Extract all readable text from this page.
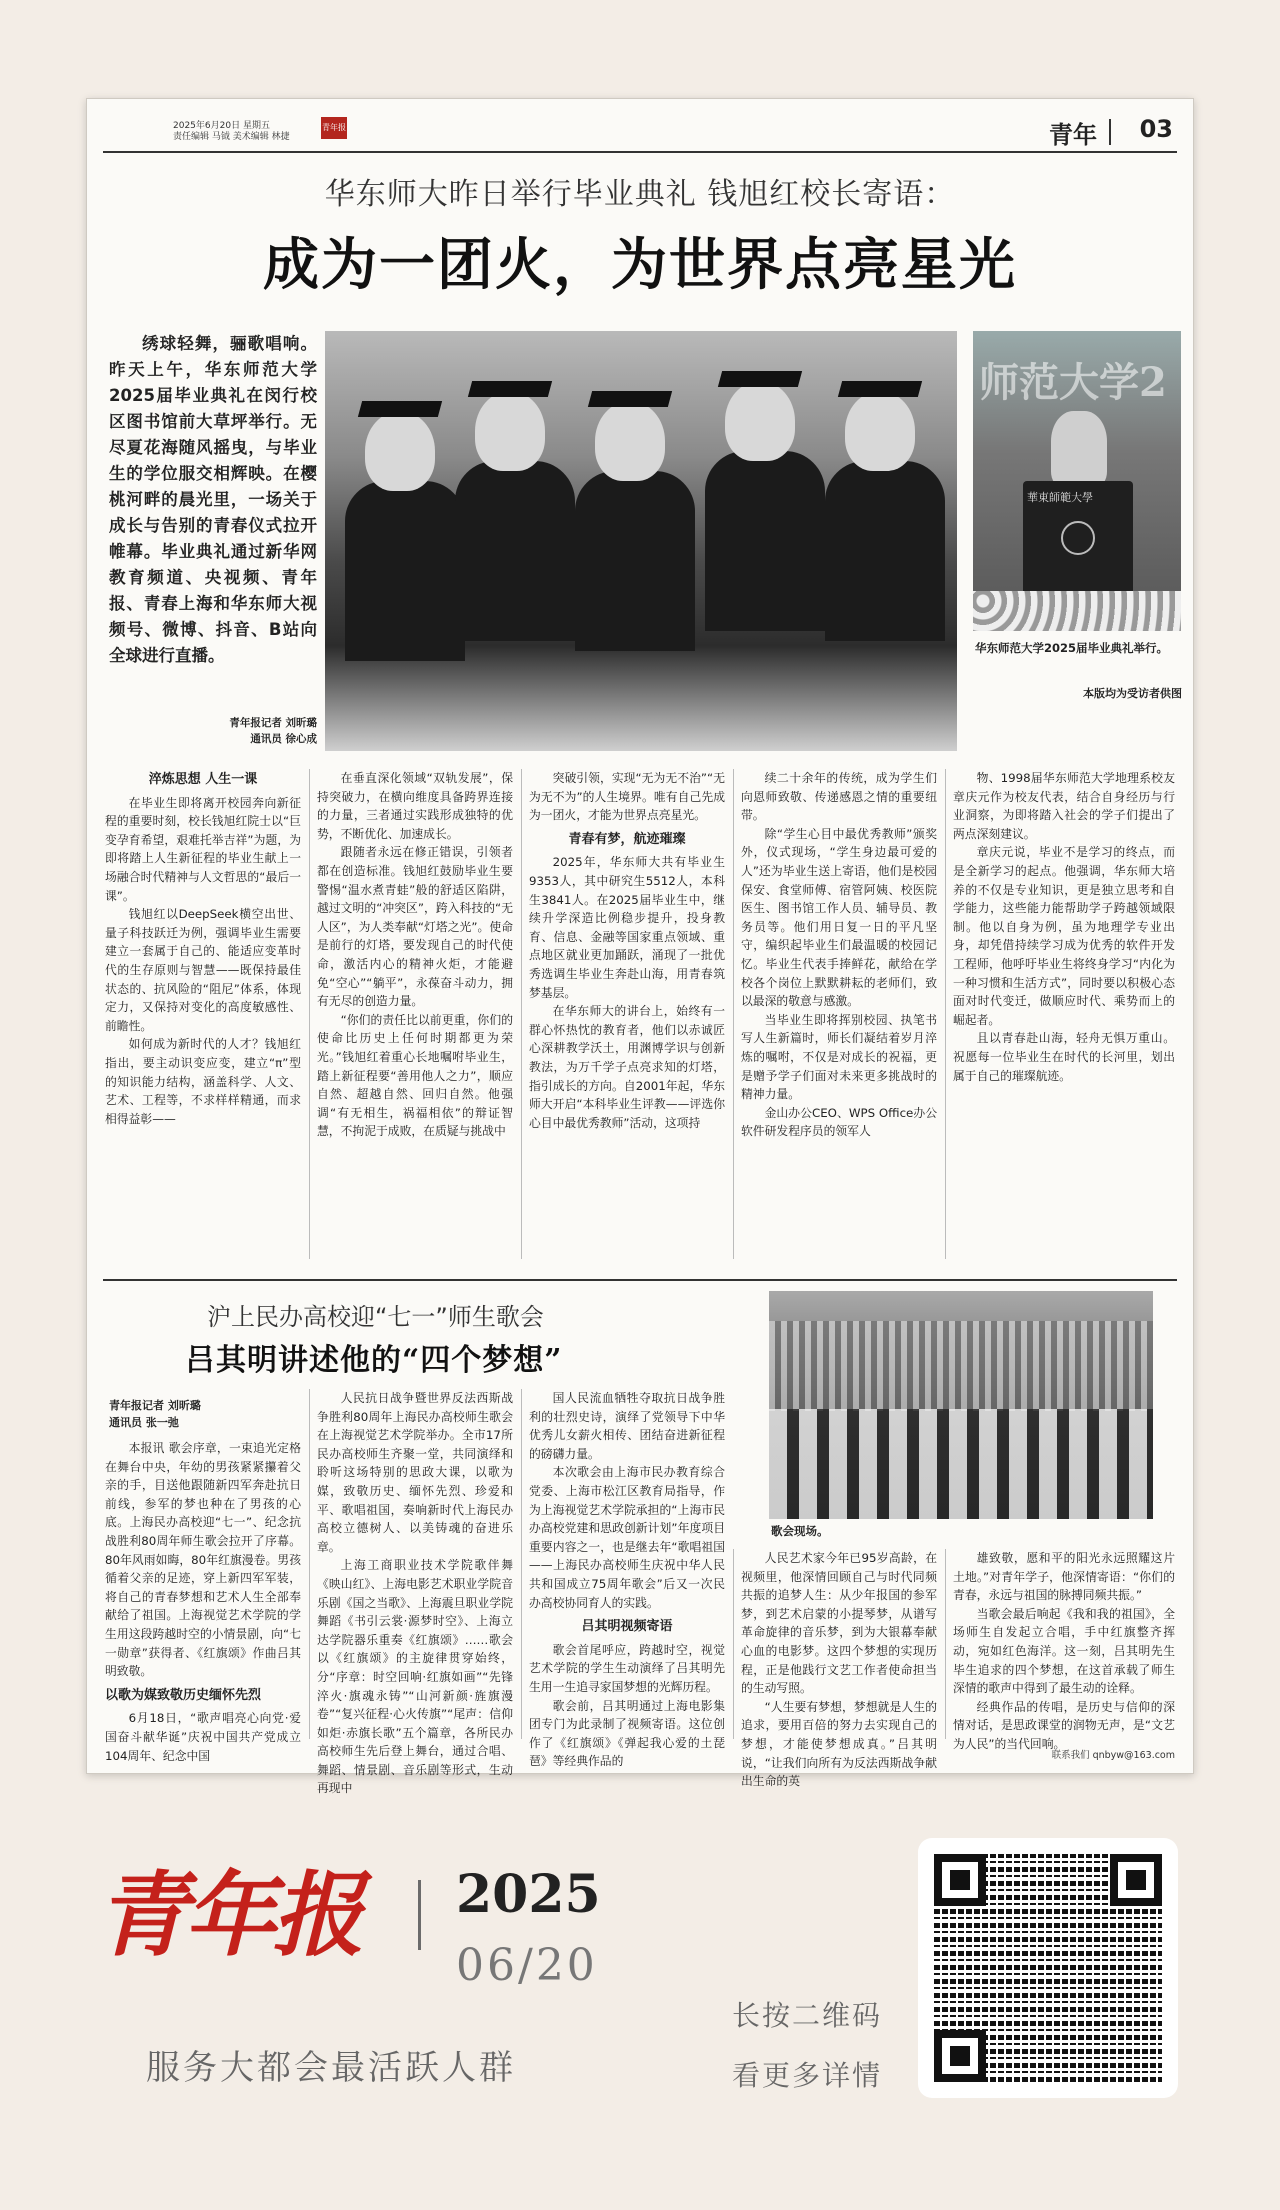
2025年6月20日 星期五
责任编辑 马钺 美术编辑 林捷
青年报	青年 03
华东师大昨日举行毕业典礼 钱旭红校长寄语：
成为一团火，为世界点亮星光

绣球轻舞，骊歌唱响。昨天上午，华东师范大学2025届毕业典礼在闵行校区图书馆前大草坪举行。无尽夏花海随风摇曳，与毕业生的学位服交相辉映。在樱桃河畔的晨光里，一场关于成长与告别的青春仪式拉开帷幕。毕业典礼通过新华网教育频道、央视频、青年报、青春上海和华东师大视频号、微博、抖音、B站向全球进行直播。

青年报记者 刘昕璐
通讯员 徐心成
师范大学2
華東師範大學
华东师范大学2025届毕业典礼举行。
本版均为受访者供图

淬炼思想 人生一课

在毕业生即将离开校园奔向新征程的重要时刻，校长钱旭红院士以“巨变孕育希望，艰难托举吉祥”为题，为即将踏上人生新征程的毕业生献上一场融合时代精神与人文哲思的“最后一课”。

钱旭红以DeepSeek横空出世、量子科技跃迁为例，强调毕业生需要建立一套属于自己的、能适应变革时代的生存原则与智慧——既保持最佳状态的、抗风险的“阻尼”体系，体现定力，又保持对变化的高度敏感性、前瞻性。

如何成为新时代的人才？钱旭红指出，要主动识变应变，建立“π”型的知识能力结构，涵盖科学、人文、艺术、工程等，不求样样精通，而求相得益彰——

在垂直深化领域“双轨发展”，保持突破力，在横向维度具备跨界连接的力量，三者通过实践形成独特的优势，不断优化、加速成长。

跟随者永远在修正错误，引领者都在创造标准。钱旭红鼓励毕业生要警惕“温水煮青蛙”般的舒适区陷阱，越过文明的“冲突区”，跨入科技的“无人区”，为人类奉献“灯塔之光”。使命是前行的灯塔，要发现自己的时代使命，激活内心的精神火炬，才能避免“空心”“躺平”，永葆奋斗动力，拥有无尽的创造力量。

“你们的责任比以前更重，你们的使命比历史上任何时期都更为荣光。”钱旭红着重心长地嘱咐毕业生，踏上新征程要“善用他人之力”，顺应自然、超越自然、回归自然。他强调“有无相生，祸福相依”的辩证智慧，不拘泥于成败，在质疑与挑战中

突破引领，实现“无为无不治”“无为无不为”的人生境界。唯有自己先成为一团火，才能为世界点亮星光。

青春有梦，航迹璀璨

2025年，华东师大共有毕业生9353人，其中研究生5512人，本科生3841人。在2025届毕业生中，继续升学深造比例稳步提升，投身教育、信息、金融等国家重点领域、重点地区就业更加踊跃，涌现了一批优秀选调生毕业生奔赴山海，用青春筑梦基层。

在华东师大的讲台上，始终有一群心怀热忱的教育者，他们以赤诚匠心深耕教学沃土，用渊博学识与创新教法，为万千学子点亮求知的灯塔，指引成长的方向。自2001年起，华东师大开启“本科毕业生评教——评选你心目中最优秀教师”活动，这项持

续二十余年的传统，成为学生们向恩师致敬、传递感恩之情的重要纽带。

除“学生心目中最优秀教师”颁奖外，仪式现场，“学生身边最可爱的人”还为毕业生送上寄语，他们是校园保安、食堂师傅、宿管阿姨、校医院医生、图书馆工作人员、辅导员、教务员等。他们用日复一日的平凡坚守，编织起毕业生们最温暖的校园记忆。毕业生代表手捧鲜花，献给在学校各个岗位上默默耕耘的老师们，致以最深的敬意与感激。

当毕业生即将挥别校园、执笔书写人生新篇时，师长们凝结着岁月淬炼的嘱咐，不仅是对成长的祝福，更是赠予学子们面对未来更多挑战时的精神力量。

金山办公CEO、WPS Office办公软件研发程序员的领军人

物、1998届华东师范大学地理系校友章庆元作为校友代表，结合自身经历与行业洞察，为即将踏入社会的学子们提出了两点深刻建议。

章庆元说，毕业不是学习的终点，而是全新学习的起点。他强调，华东师大培养的不仅是专业知识，更是独立思考和自学能力，这些能力能帮助学子跨越领域限制。他以自身为例，虽为地理学专业出身，却凭借持续学习成为优秀的软件开发工程师，他呼吁毕业生将终身学习“内化为一种习惯和生活方式”，同时要以积极心态面对时代变迁，做顺应时代、乘势而上的崛起者。

且以青春赴山海，轻舟无惧万重山。祝愿每一位毕业生在时代的长河里，划出属于自己的璀璨航迹。

沪上民办高校迎“七一”师生歌会
吕其明讲述他的“四个梦想”
歌会现场。
青年报记者 刘昕璐
通讯员 张一弛

本报讯 歌会序章，一束追光定格在舞台中央，年幼的男孩紧紧攥着父亲的手，目送他跟随新四军奔赴抗日前线，参军的梦也种在了男孩的心底。上海民办高校迎“七一”、纪念抗战胜利80周年师生歌会拉开了序幕。80年风雨如晦，80年红旗漫卷。男孩循着父亲的足迹，穿上新四军军装，将自己的青春梦想和艺术人生全部奉献给了祖国。上海视觉艺术学院的学生用这段跨越时空的小情景剧，向“七一勋章”获得者、《红旗颂》作曲吕其明致敬。

以歌为媒致敬历史缅怀先烈

6月18日，“歌声唱亮心向党·爱国奋斗献华诞”庆祝中国共产党成立104周年、纪念中国

人民抗日战争暨世界反法西斯战争胜利80周年上海民办高校师生歌会在上海视觉艺术学院举办。全市17所民办高校师生齐聚一堂，共同演绎和聆听这场特别的思政大课，以歌为媒，致敬历史、缅怀先烈、珍爱和平、歌唱祖国，奏响新时代上海民办高校立德树人、以美铸魂的奋进乐章。

上海工商职业技术学院歌伴舞《映山红》、上海电影艺术职业学院音乐剧《国之当歌》、上海震旦职业学院舞蹈《书引云裳·源梦时空》、上海立达学院器乐重奏《红旗颂》……歌会以《红旗颂》的主旋律贯穿始终，分“序章：时空回响·红旗如画”“先锋淬火·旗魂永铸”“山河新颜·旌旗漫卷”“复兴征程·心火传旗”“尾声：信仰如炬·赤旗长歌”五个篇章，各所民办高校师生先后登上舞台，通过合唱、舞蹈、情景剧、音乐剧等形式，生动再现中

国人民流血牺牲夺取抗日战争胜利的壮烈史诗，演绎了党领导下中华优秀儿女薪火相传、团结奋进新征程的磅礴力量。

本次歌会由上海市民办教育综合党委、上海市松江区教育局指导，作为上海视觉艺术学院承担的“上海市民办高校党建和思政创新计划”年度项目重要内容之一，也是继去年“歌唱祖国——上海民办高校师生庆祝中华人民共和国成立75周年歌会”后又一次民办高校协同育人的实践。

吕其明视频寄语

歌会首尾呼应，跨越时空，视觉艺术学院的学生生动演绎了吕其明先生用一生追寻家国梦想的光辉历程。

歌会前，吕其明通过上海电影集团专门为此录制了视频寄语。这位创作了《红旗颂》《弹起我心爱的土琵琶》等经典作品的

人民艺术家今年已95岁高龄，在视频里，他深情回顾自己与时代同频共振的追梦人生：从少年报国的参军梦，到艺术启蒙的小提琴梦，从谱写革命旋律的音乐梦，到为大银幕奉献心血的电影梦。这四个梦想的实现历程，正是他践行文艺工作者使命担当的生动写照。

“人生要有梦想，梦想就是人生的追求，要用百倍的努力去实现自己的梦想，才能使梦想成真。”吕其明说，“让我们向所有为反法西斯战争献出生命的英

雄致敬，愿和平的阳光永远照耀这片土地。”对青年学子，他深情寄语：“你们的青春，永远与祖国的脉搏同频共振。”

当歌会最后响起《我和我的祖国》，全场师生自发起立合唱，手中红旗整齐挥动，宛如红色海洋。这一刻，吕其明先生毕生追求的四个梦想，在这首承载了师生深情的歌声中得到了最生动的诠释。

经典作品的传唱，是历史与信仰的深情对话，是思政课堂的润物无声，是“文艺为人民”的当代回响。

联系我们 qnbyw@163.com
青年报	2025
06/20
服务大都会最活跃人群
长按二维码
看更多详情
